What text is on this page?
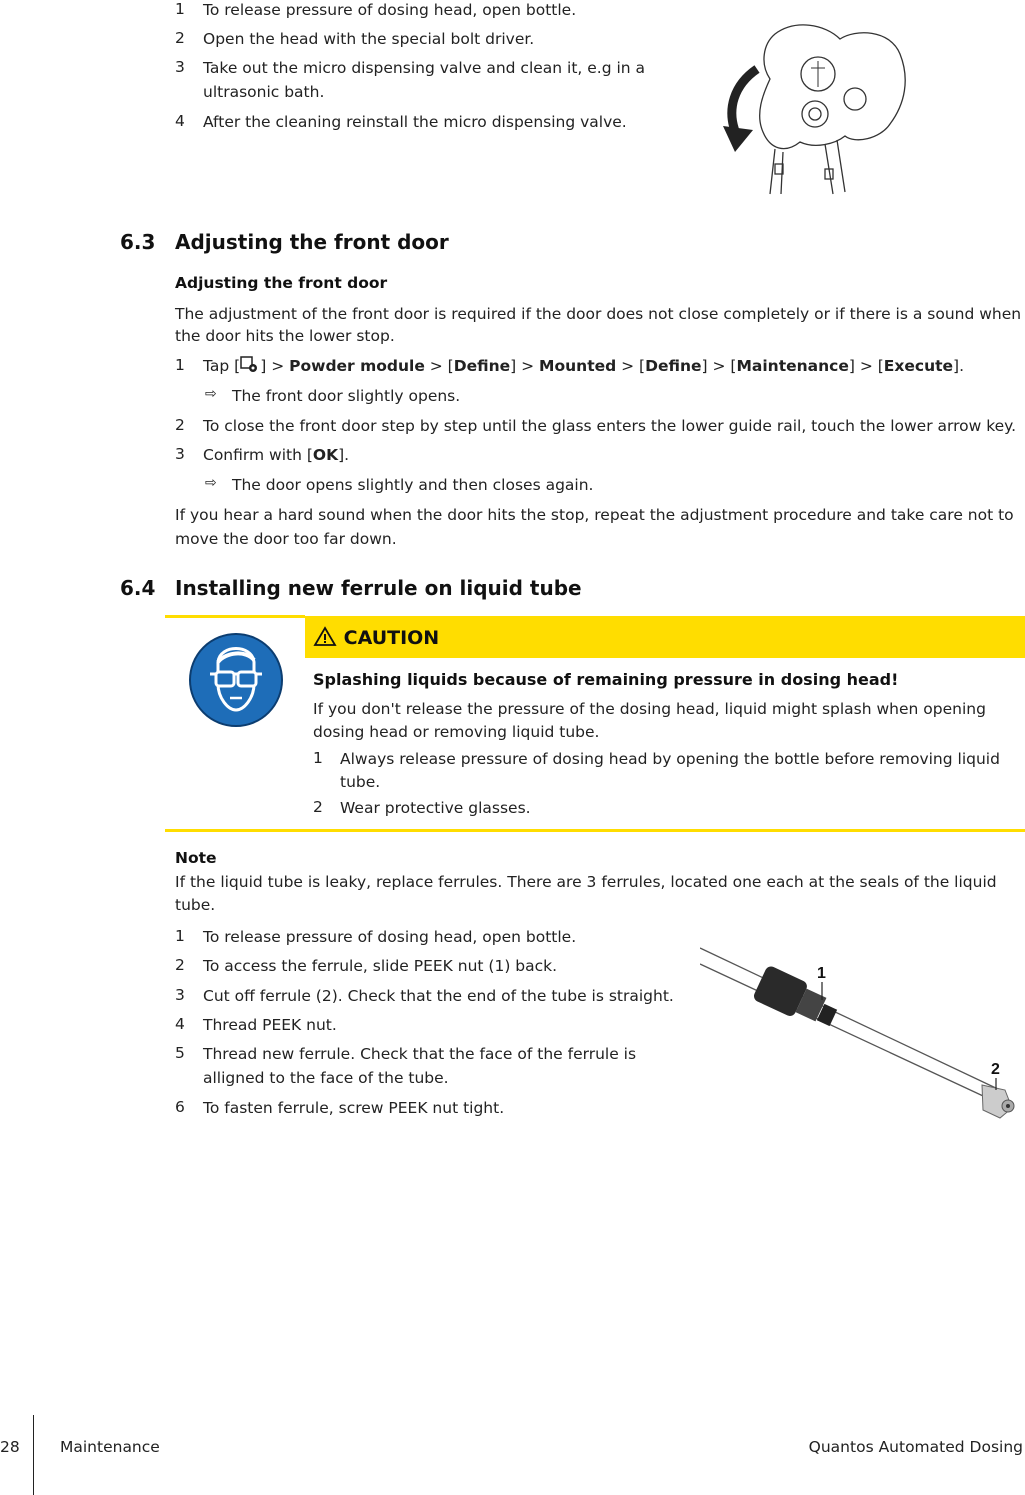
1	To release pressure of dosing head, open bottle.
2	Open the head with the special bolt driver.
3	Take out the micro dispensing valve and clean it, e.g in a
ultrasonic bath.
4	After the cleaning reinstall the micro dispensing valve.
6.3 Adjusting the front door
Adjusting the front door
The adjustment of the front door is required if the door does not close completely or if there is a sound when
the door hits the lower stop.
1	Tap [ ] > Powder module > [Define] > Mounted > [Define] > [Maintenance] > [Execute].
⇨ The front door slightly opens.
2	To close the front door step by step until the glass enters the lower guide rail, touch the lower arrow key.
3	Confirm with [OK].
⇨ The door opens slightly and then closes again.
If you hear a hard sound when the door hits the stop, repeat the adjustment procedure and take care not to
move the door too far down.
6.4 Installing new ferrule on liquid tube
CAUTION
Splashing liquids because of remaining pressure in dosing head!
If you don't release the pressure of the dosing head, liquid might splash when opening
dosing head or removing liquid tube.
1	Always release pressure of dosing head by opening the bottle before removing liquid
tube.
2	Wear protective glasses.
Note
If the liquid tube is leaky, replace ferrules. There are 3 ferrules, located one each at the seals of the liquid
tube.
1	To release pressure of dosing head, open bottle.
2	To access the ferrule, slide PEEK nut (1) back.
3	Cut off ferrule (2). Check that the end of the tube is straight.
4	Thread PEEK nut.
5	Thread new ferrule. Check that the face of the ferrule is
alligned to the face of the tube.
6	To fasten ferrule, screw PEEK nut tight.
1
2
28	Maintenance	Quantos Automated Dosing
